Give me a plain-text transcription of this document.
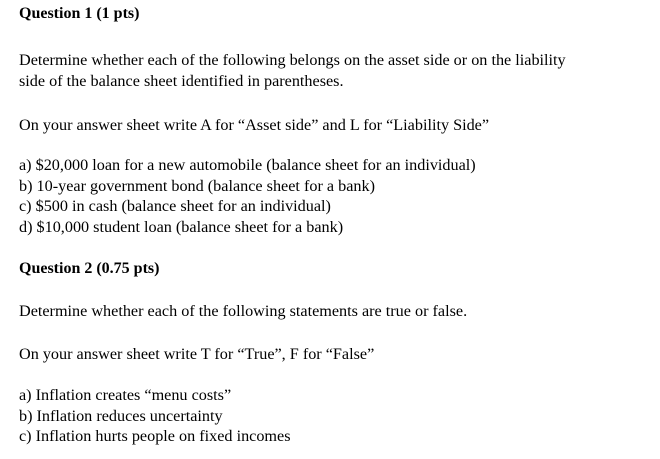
Question 1 (1 pts)
Determine whether each of the following belongs on the asset side or on the liability
side of the balance sheet identified in parentheses.
On your answer sheet write A for “Asset side” and L for “Liability Side”
a) $20,000 loan for a new automobile (balance sheet for an individual)
b) 10-year government bond (balance sheet for a bank)
c) $500 in cash (balance sheet for an individual)
d) $10,000 student loan (balance sheet for a bank)
Question 2 (0.75 pts)
Determine whether each of the following statements are true or false.
On your answer sheet write T for “True”, F for “False”
a) Inflation creates “menu costs”
b) Inflation reduces uncertainty
c) Inflation hurts people on fixed incomes
